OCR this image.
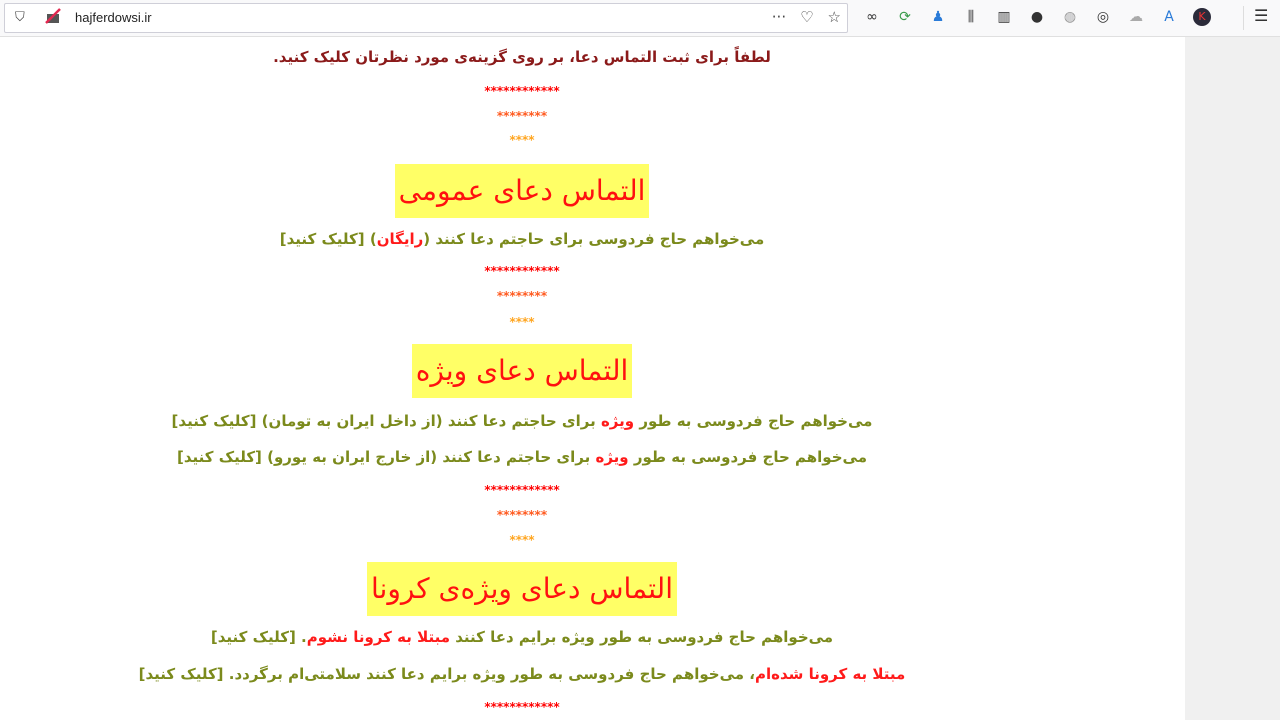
⛉	hajferdowsi.ir	··· ♡ ☆ ∞ ⟳ ♟	⫼	▥ ● ◍ ◎ ☁	A	K	☰
لطفاً برای ثبت التماس دعا، بر روی گزینه‌ی مورد نظرتان کلیک کنید.
************
********
****
التماس دعای عمومی
می‌خواهم حاج فردوسی برای حاجتم دعا کنند (رایگان) [کلیک کنید]
************
********
****
التماس دعای ویژه
می‌خواهم حاج فردوسی به طور ویژه برای حاجتم دعا کنند (از داخل ایران به تومان) [کلیک کنید]
می‌خواهم حاج فردوسی به طور ویژه برای حاجتم دعا کنند (از خارج ایران به یورو) [کلیک کنید]
************
********
****
التماس دعای ویژه‌ی کرونا
می‌خواهم حاج فردوسی به طور ویژه برایم دعا کنند مبتلا به کرونا نشوم. [کلیک کنید]
مبتلا به کرونا شده‌ام، می‌خواهم حاج فردوسی به طور ویژه برایم دعا کنند سلامتی‌ام برگردد. [کلیک کنید]
************
